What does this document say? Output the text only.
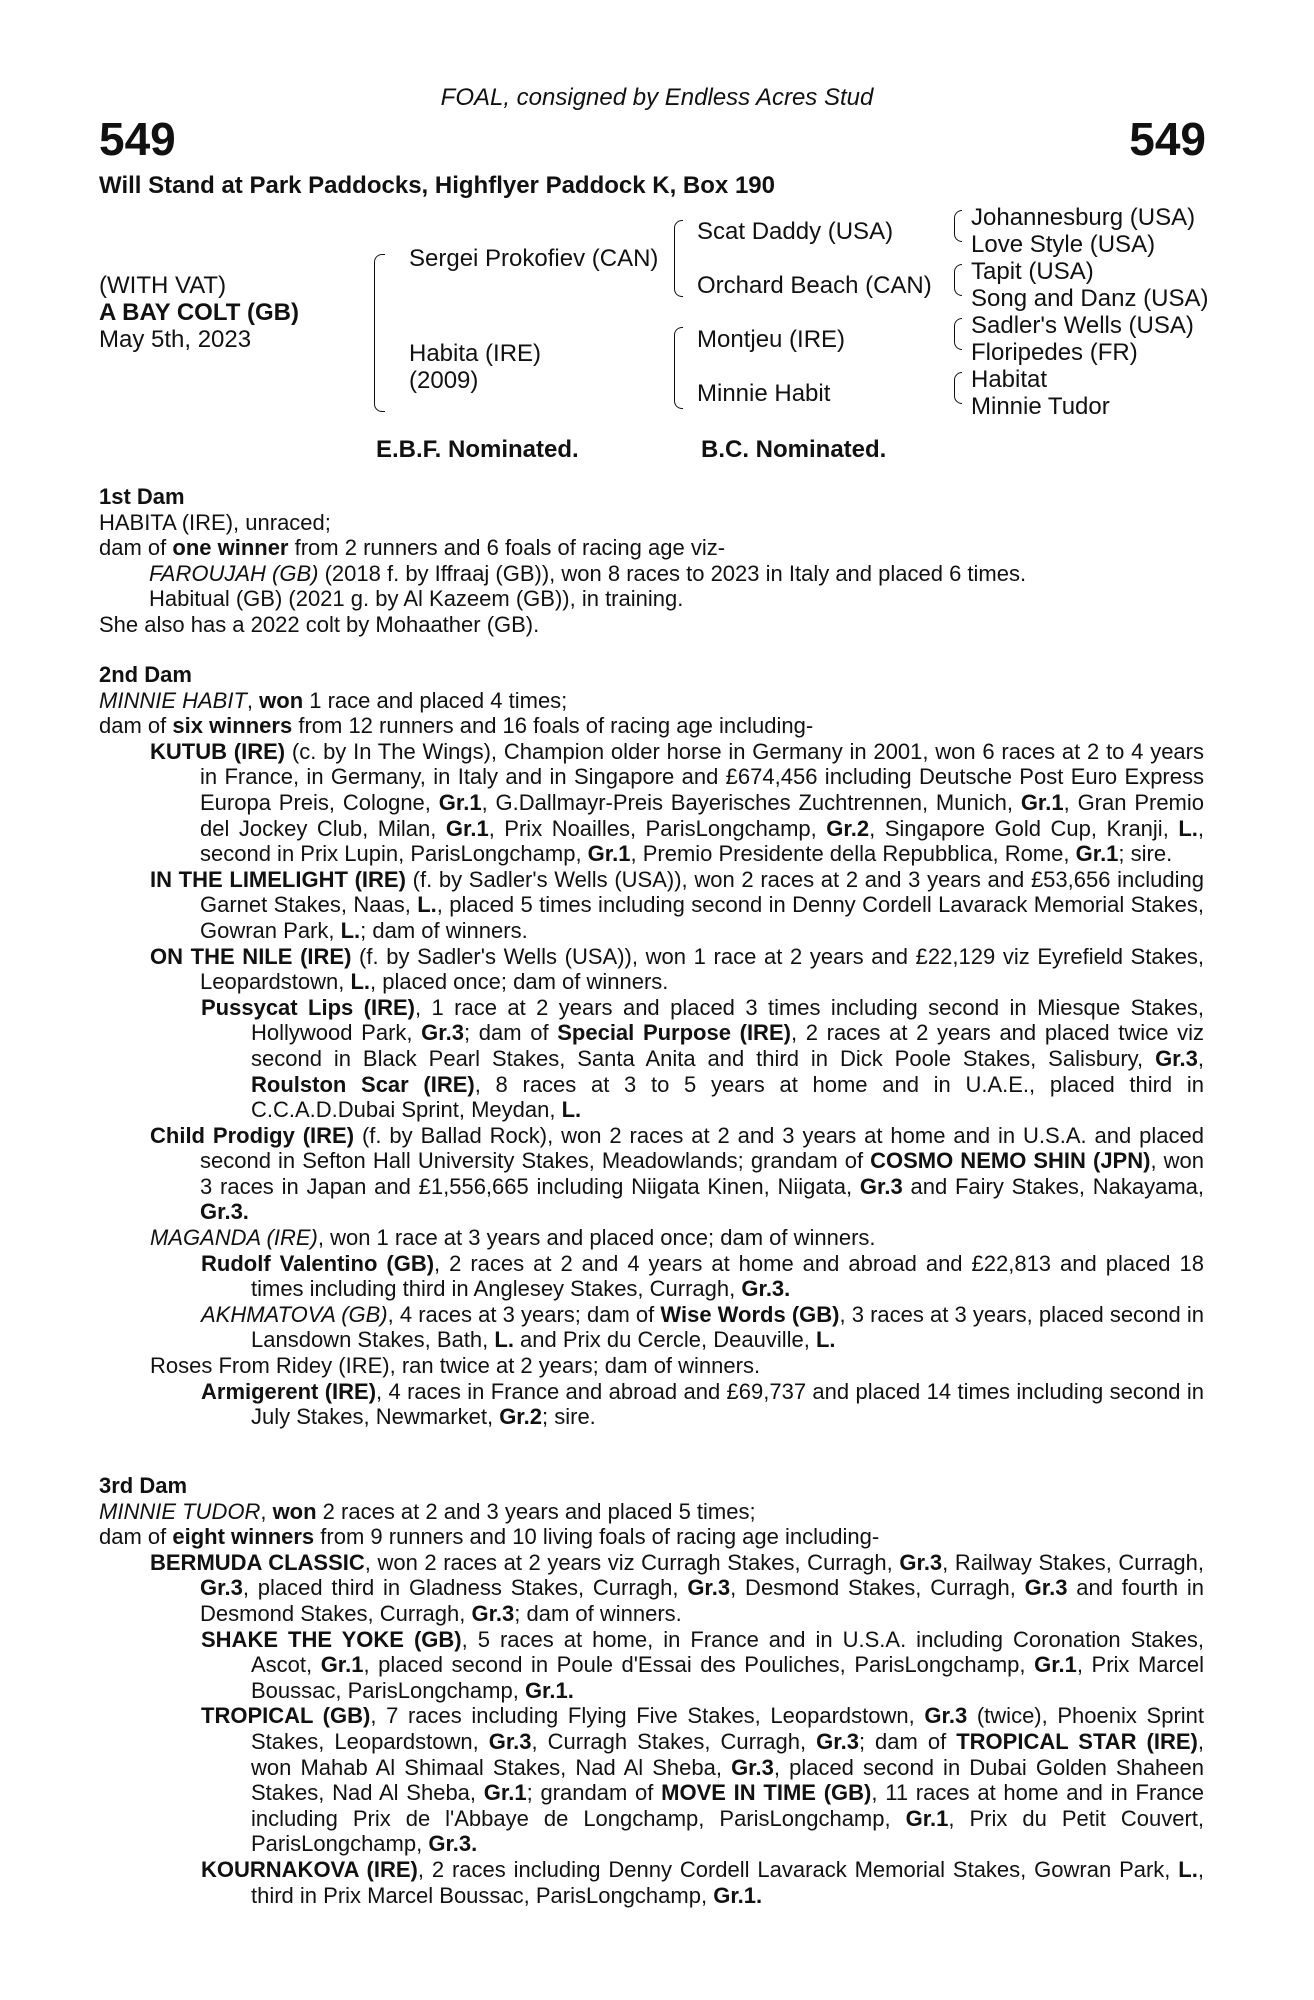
FOAL, consigned by Endless Acres Stud
549	549
Will Stand at Park Paddocks, Highflyer Paddock K, Box 190
(WITH VAT)
A BAY COLT (GB)
May 5th, 2023
Sergei Prokofiev (CAN)
Habita (IRE)
(2009)
Scat Daddy (USA)
Orchard Beach (CAN)
Montjeu (IRE)
Minnie Habit
Johannesburg (USA)
Love Style (USA)
Tapit (USA)
Song and Danz (USA)
Sadler's Wells (USA)
Floripedes (FR)
Habitat
Minnie Tudor
E.B.F. Nominated.	B.C. Nominated.

1st Dam

HABITA (IRE), unraced;

dam of one winner from 2 runners and 6 foals of racing age viz-

FAROUJAH (GB) (2018 f. by Iffraaj (GB)), won 8 races to 2023 in Italy and placed 6 times.

Habitual (GB) (2021 g. by Al Kazeem (GB)), in training.

She also has a 2022 colt by Mohaather (GB).

2nd Dam

MINNIE HABIT, won 1 race and placed 4 times;

dam of six winners from 12 runners and 16 foals of racing age including-

KUTUB (IRE) (c. by In The Wings), Champion older horse in Germany in 2001, won 6 races at 2 to 4 years in France, in Germany, in Italy and in Singapore and £674,456 including Deutsche Post Euro Express Europa Preis, Cologne, Gr.1, G.Dallmayr-Preis Bayerisches Zuchtrennen, Munich, Gr.1, Gran Premio del Jockey Club, Milan, Gr.1, Prix Noailles, ParisLongchamp, Gr.2, Singapore Gold Cup, Kranji, L., second in Prix Lupin, ParisLongchamp, Gr.1, Premio Presidente della Repubblica, Rome, Gr.1; sire.

IN THE LIMELIGHT (IRE) (f. by Sadler's Wells (USA)), won 2 races at 2 and 3 years and £53,656 including Garnet Stakes, Naas, L., placed 5 times including second in Denny Cordell Lavarack Memorial Stakes, Gowran Park, L.; dam of winners.

ON THE NILE (IRE) (f. by Sadler's Wells (USA)), won 1 race at 2 years and £22,129 viz Eyrefield Stakes, Leopardstown, L., placed once; dam of winners.

Pussycat Lips (IRE), 1 race at 2 years and placed 3 times including second in Miesque Stakes, Hollywood Park, Gr.3; dam of Special Purpose (IRE), 2 races at 2 years and placed twice viz second in Black Pearl Stakes, Santa Anita and third in Dick Poole Stakes, Salisbury, Gr.3, Roulston Scar (IRE), 8 races at 3 to 5 years at home and in U.A.E., placed third in C.C.A.D.Dubai Sprint, Meydan, L.

Child Prodigy (IRE) (f. by Ballad Rock), won 2 races at 2 and 3 years at home and in U.S.A. and placed second in Sefton Hall University Stakes, Meadowlands; grandam of COSMO NEMO SHIN (JPN), won 3 races in Japan and £1,556,665 including Niigata Kinen, Niigata, Gr.3 and Fairy Stakes, Nakayama, Gr.3.

MAGANDA (IRE), won 1 race at 3 years and placed once; dam of winners.

Rudolf Valentino (GB), 2 races at 2 and 4 years at home and abroad and £22,813 and placed 18 times including third in Anglesey Stakes, Curragh, Gr.3.

AKHMATOVA (GB), 4 races at 3 years; dam of Wise Words (GB), 3 races at 3 years, placed second in Lansdown Stakes, Bath, L. and Prix du Cercle, Deauville, L.

Roses From Ridey (IRE), ran twice at 2 years; dam of winners.

Armigerent (IRE), 4 races in France and abroad and £69,737 and placed 14 times including second in July Stakes, Newmarket, Gr.2; sire.

3rd Dam

MINNIE TUDOR, won 2 races at 2 and 3 years and placed 5 times;

dam of eight winners from 9 runners and 10 living foals of racing age including-

BERMUDA CLASSIC, won 2 races at 2 years viz Curragh Stakes, Curragh, Gr.3, Railway Stakes, Curragh, Gr.3, placed third in Gladness Stakes, Curragh, Gr.3, Desmond Stakes, Curragh, Gr.3 and fourth in Desmond Stakes, Curragh, Gr.3; dam of winners.

SHAKE THE YOKE (GB), 5 races at home, in France and in U.S.A. including Coronation Stakes, Ascot, Gr.1, placed second in Poule d'Essai des Pouliches, ParisLongchamp, Gr.1, Prix Marcel Boussac, ParisLongchamp, Gr.1.

TROPICAL (GB), 7 races including Flying Five Stakes, Leopardstown, Gr.3 (twice), Phoenix Sprint Stakes, Leopardstown, Gr.3, Curragh Stakes, Curragh, Gr.3; dam of TROPICAL STAR (IRE), won Mahab Al Shimaal Stakes, Nad Al Sheba, Gr.3, placed second in Dubai Golden Shaheen Stakes, Nad Al Sheba, Gr.1; grandam of MOVE IN TIME (GB), 11 races at home and in France including Prix de l'Abbaye de Longchamp, ParisLongchamp, Gr.1, Prix du Petit Couvert, ParisLongchamp, Gr.3.

KOURNAKOVA (IRE), 2 races including Denny Cordell Lavarack Memorial Stakes, Gowran Park, L., third in Prix Marcel Boussac, ParisLongchamp, Gr.1.
